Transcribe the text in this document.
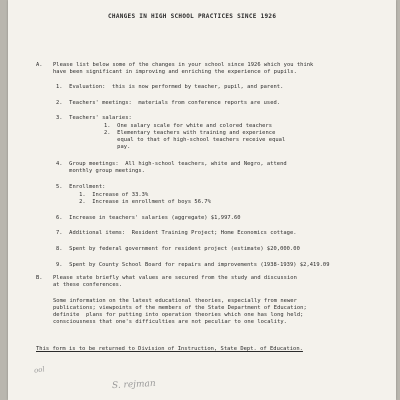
CHANGES IN HIGH SCHOOL PRACTICES SINCE 1926
A. Please list below some of the changes in your school since 1926 which you think
have been significant in improving and enriching the experience of pupils.
1.  Evaluation:  this is now performed by teacher, pupil, and parent.
2.  Teachers' meetings:  materials from conference reports are used.
3.  Teachers' salaries:
1.  One salary scale for white and colored teachers
2.  Elementary teachers with training and experience
equal to that of high-school teachers receive equal
pay.
4.  Group meetings:  All high-school teachers, white and Negro, attend
monthly group meetings.
5.  Enrollment:
1.  Increase of 33.3%
2.  Increase in enrollment of boys 56.7%
6.  Increase in teachers' salaries (aggregate) $1,997.60
7.  Additional items:  Resident Training Project; Home Economics cottage.
8.  Spent by federal government for resident project (estimate) $20,000.00
9.  Spent by County School Board for repairs and improvements (1938-1939) $2,419.09
B. Please state briefly what values are secured from the study and discussion
at these conferences.
Some information on the latest educational theories, especially from newer
publications; viewpoints of the members of the State Department of Education;
definite  plans for putting into operation theories which one has long held;
consciousness that one's difficulties are not peculiar to one locality.
This form is to be returned to Division of Instruction, State Dept. of Education.
ool
S. rejman
